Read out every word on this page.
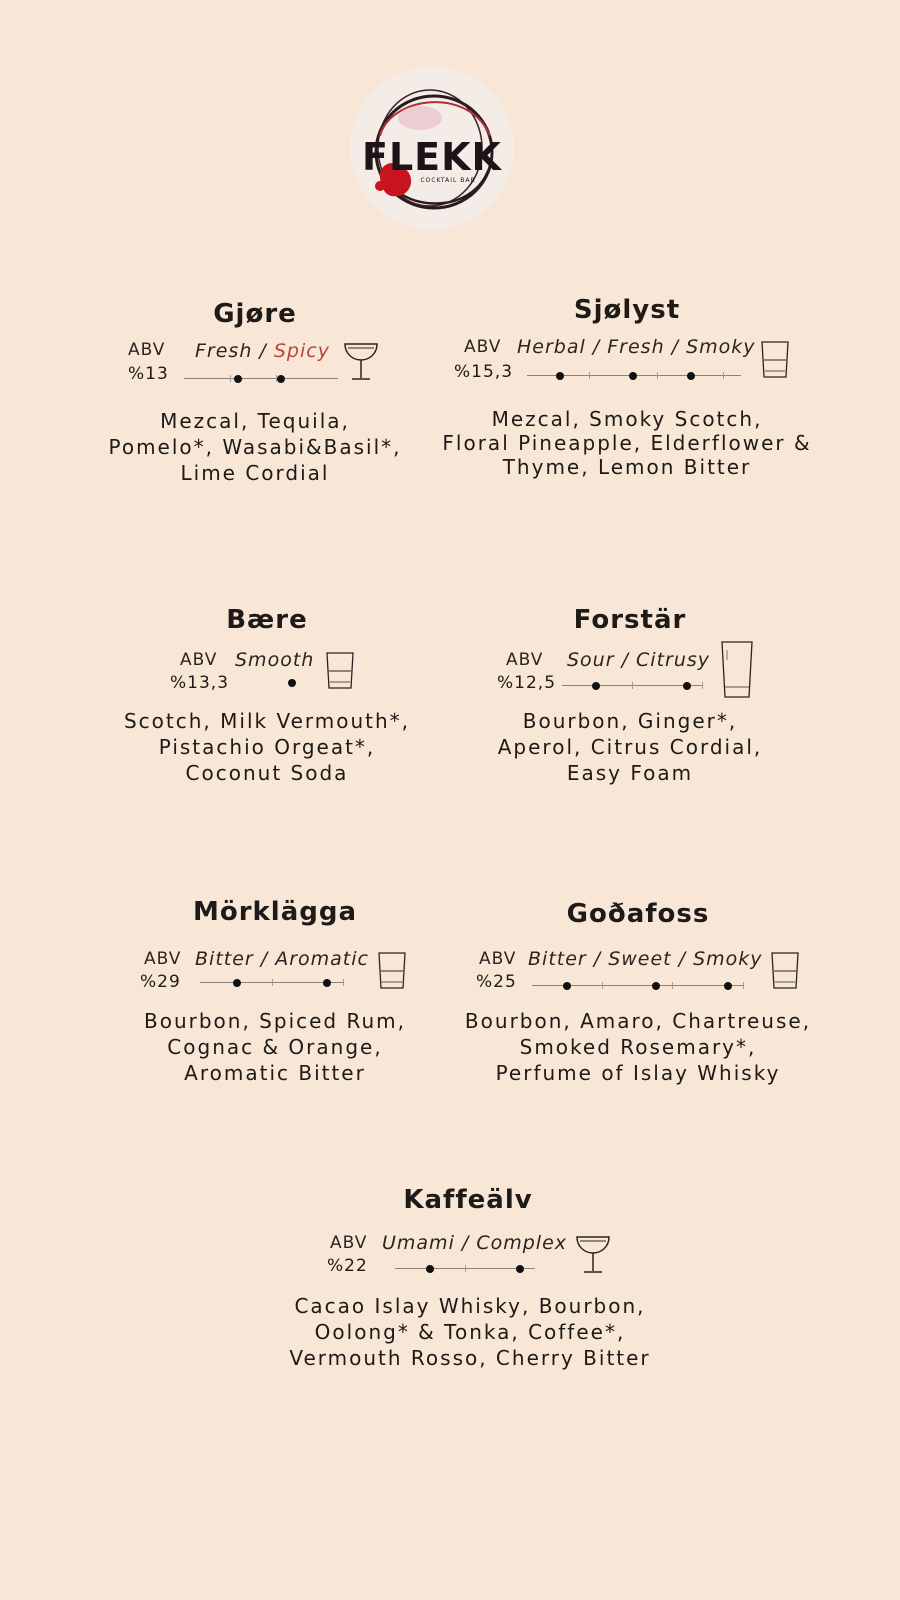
FLEKK
COCKTAIL BAR
Gjøre
ABV
%13
Fresh / Spicy
Mezcal, Tequila,
Pomelo*, Wasabi&Basil*,
Lime Cordial
Sjølyst
ABV
%15,3
Herbal / Fresh / Smoky
Mezcal, Smoky Scotch,
Floral Pineapple, Elderflower &
Thyme, Lemon Bitter
Bære
ABV
%13,3
Smooth
Scotch, Milk Vermouth*,
Pistachio Orgeat*,
Coconut Soda
Forstär
ABV
%12,5
Sour / Citrusy
Bourbon, Ginger*,
Aperol, Citrus Cordial,
Easy Foam
Mörklägga
ABV
%29
Bitter / Aromatic
Bourbon, Spiced Rum,
Cognac & Orange,
Aromatic Bitter
Goðafoss
ABV
%25
Bitter / Sweet / Smoky
Bourbon, Amaro, Chartreuse,
Smoked Rosemary*,
Perfume of Islay Whisky
Kaffeälv
ABV
%22
Umami / Complex
Cacao Islay Whisky, Bourbon,
Oolong* & Tonka, Coffee*,
Vermouth Rosso, Cherry Bitter
